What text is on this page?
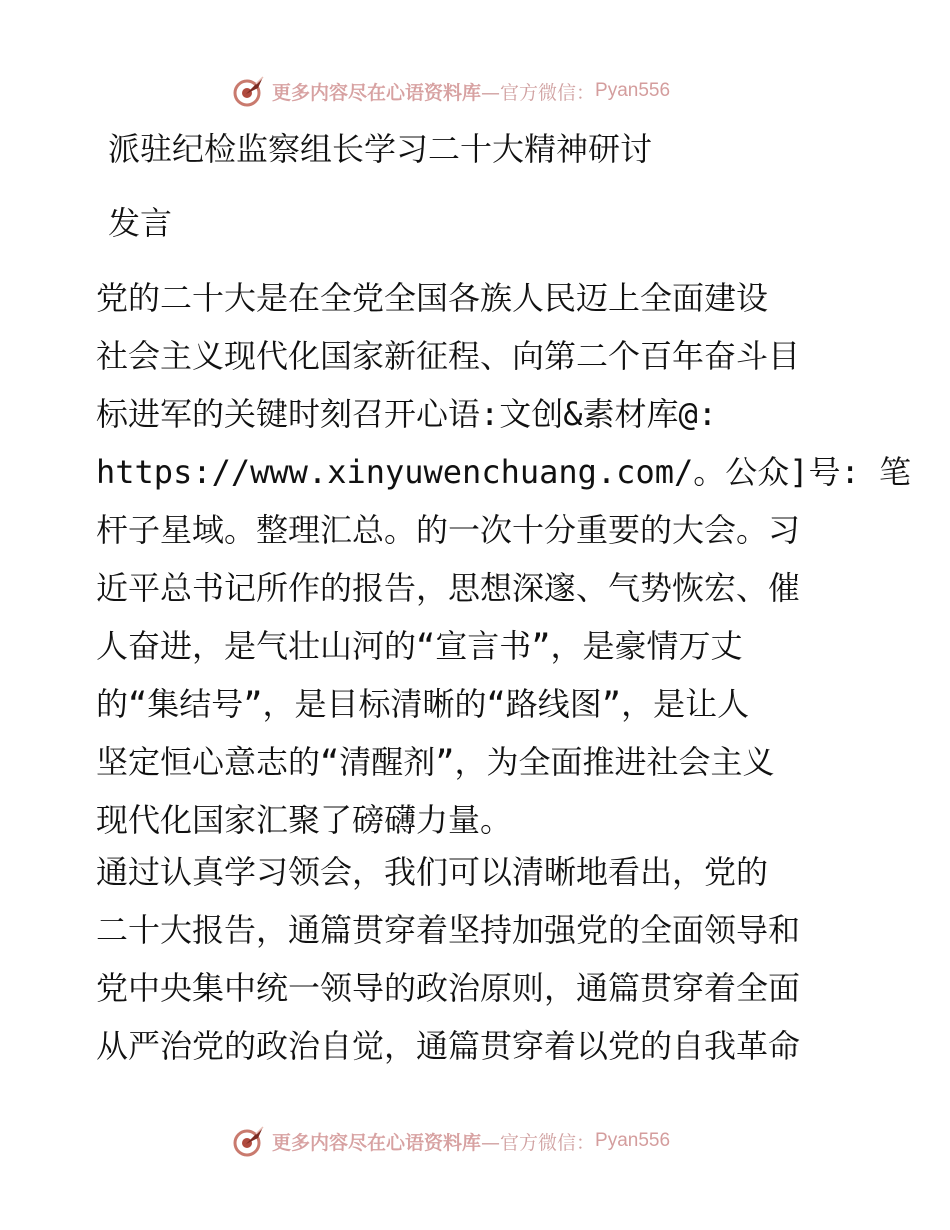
更多内容尽在心语资料库 —官方微信： Pyan556

派驻纪检监察组长学习二十大精神研讨

发言

党的二十大是在全党全国各族人民迈上全面建设

社会主义现代化国家新征程、向第二个百年奋斗目

标进军的关键时刻召开心语:文创&素材库@:

https://www.xinyuwenchuang.com/。公众]号: 笔

杆子星域。整理汇总。的一次十分重要的大会。习

近平总书记所作的报告，思想深邃、气势恢宏、催

人奋进，是气壮山河的“宣言书”，是豪情万丈

的“集结号”，是目标清晰的“路线图”，是让人

坚定恒心意志的“清醒剂”，为全面推进社会主义

现代化国家汇聚了磅礴力量。

通过认真学习领会，我们可以清晰地看出，党的

二十大报告，通篇贯穿着坚持加强党的全面领导和

党中央集中统一领导的政治原则，通篇贯穿着全面

从严治党的政治自觉，通篇贯穿着以党的自我革命

更多内容尽在心语资料库 —官方微信： Pyan556
